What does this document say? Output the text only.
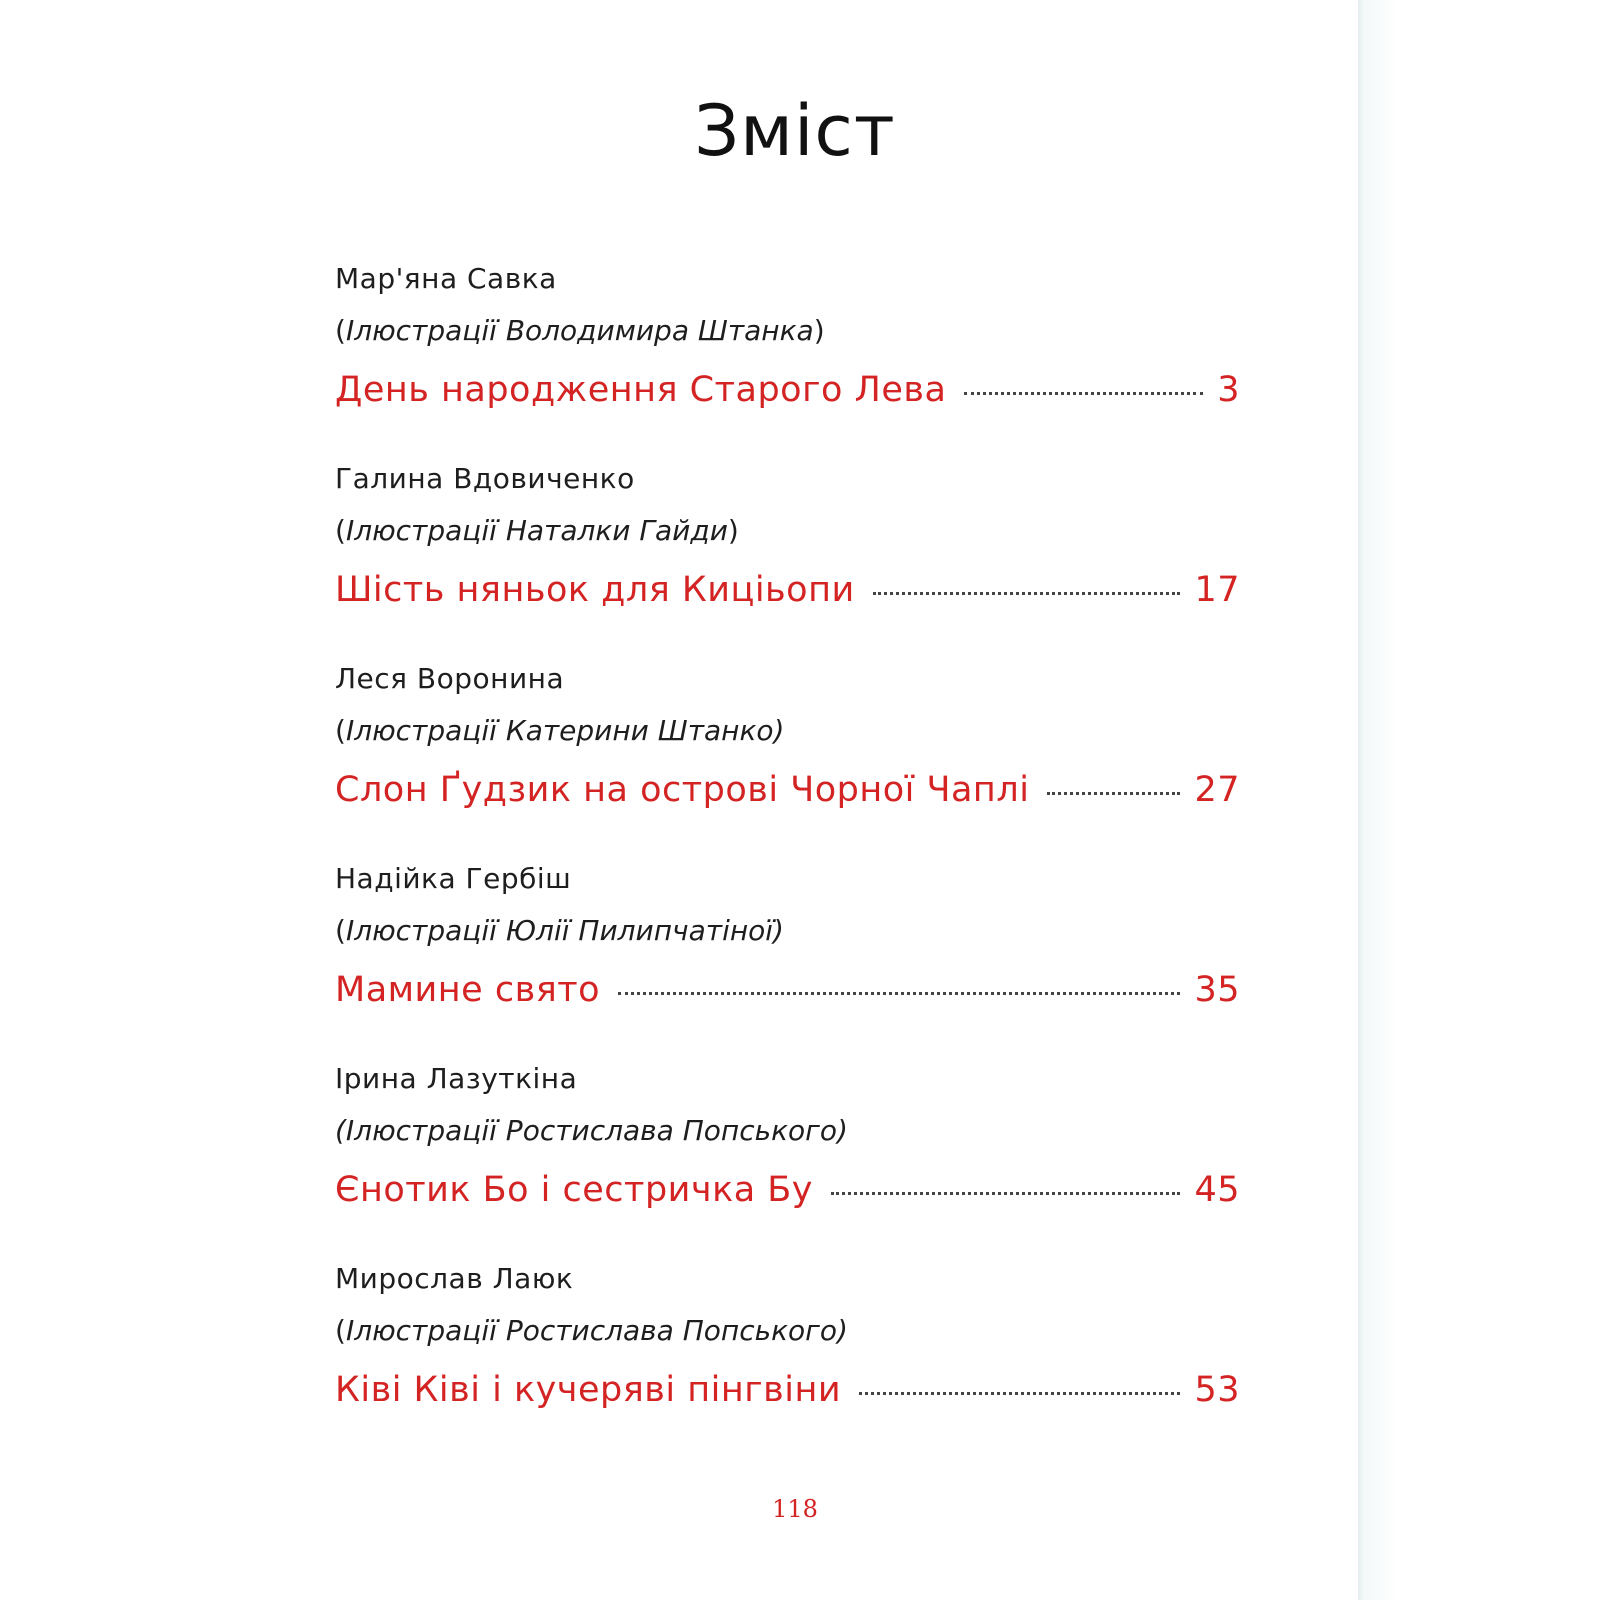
Зміст
Мар'яна Савка
(Ілюстрації Володимира Штанка)
День народження Старого Лева	3
Галина Вдовиченко
(Ілюстрації Наталки Гайди)
Шість няньок для Киціьопи	17
Леся Воронина
(Ілюстрації Катерини Штанко)
Слон Ґудзик на острові Чорної Чаплі	27
Надійка Гербіш
(Ілюстрації Юлії Пилипчатіної)
Мамине свято	35
Ірина Лазуткіна
(Ілюстрації Ростислава Попського)
Єнотик Бо і сестричка Бу	45
Мирослав Лаюк
(Ілюстрації Ростислава Попського)
Ківі Ківі і кучеряві пінгвіни	53
118
